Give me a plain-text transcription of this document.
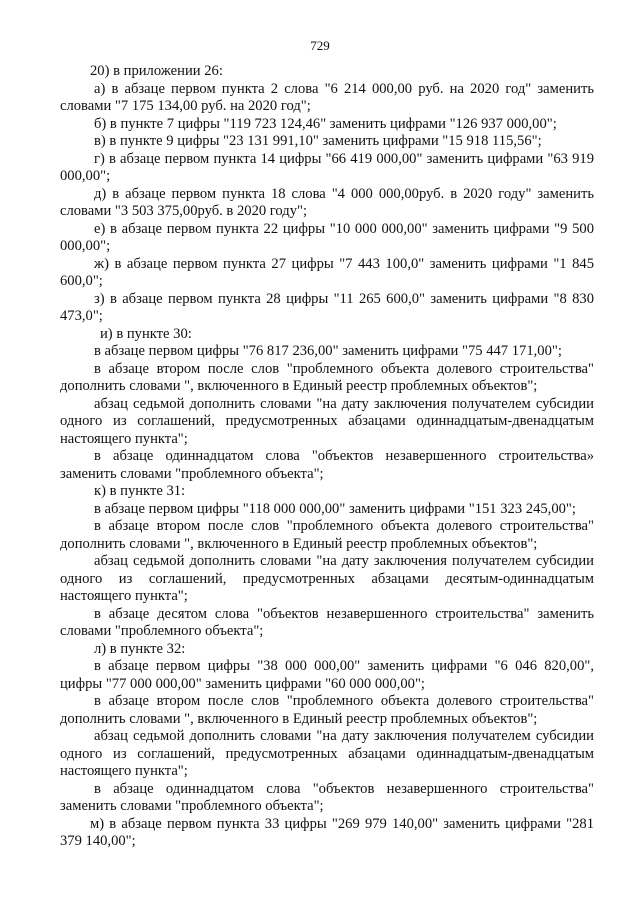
729

20) в приложении 26:

а) в абзаце первом пункта 2 слова "6 214 000,00 руб. на 2020 год" заменить словами "7 175 134,00 руб. на 2020 год";

б) в пункте 7 цифры "119 723 124,46" заменить цифрами "126 937 000,00";

в) в пункте 9 цифры "23 131 991,10" заменить цифрами "15 918 115,56";

г) в абзаце первом пункта 14 цифры "66 419 000,00" заменить цифрами "63 919 000,00";

д) в абзаце первом пункта 18 слова "4 000 000,00руб. в 2020 году" заменить словами "3 503 375,00руб. в 2020 году";

е) в абзаце первом пункта 22 цифры "10 000 000,00" заменить цифрами "9 500 000,00";

ж) в абзаце первом пункта 27 цифры "7 443 100,0" заменить цифрами "1 845 600,0";

з) в абзаце первом пункта 28 цифры "11 265 600,0" заменить цифрами "8 830 473,0";

и) в пункте 30:

в абзаце первом цифры "76 817 236,00" заменить цифрами "75 447 171,00";

в абзаце втором после слов "проблемного объекта долевого строительства" дополнить словами ", включенного в Единый реестр проблемных объектов";

абзац седьмой дополнить словами "на дату заключения получателем субсидии одного из соглашений, предусмотренных абзацами одиннадцатым-двенадцатым настоящего пункта";

в абзаце одиннадцатом слова "объектов незавершенного строительства» заменить словами "проблемного объекта";

к) в пункте 31:

в абзаце первом цифры "118 000 000,00" заменить цифрами "151 323 245,00";

в абзаце втором после слов "проблемного объекта долевого строительства" дополнить словами ", включенного в Единый реестр проблемных объектов";

абзац седьмой дополнить словами "на дату заключения получателем субсидии одного из соглашений, предусмотренных абзацами десятым-одиннадцатым настоящего пункта";

в абзаце десятом слова "объектов незавершенного строительства" заменить словами "проблемного объекта";

л) в пункте 32:

в абзаце первом цифры "38 000 000,00" заменить цифрами "6 046 820,00", цифры "77 000 000,00" заменить цифрами "60 000 000,00";

в абзаце втором после слов "проблемного объекта долевого строительства" дополнить словами ", включенного в Единый реестр проблемных объектов";

абзац седьмой дополнить словами "на дату заключения получателем субсидии одного из соглашений, предусмотренных абзацами одиннадцатым-двенадцатым настоящего пункта";

в абзаце одиннадцатом слова "объектов незавершенного строительства" заменить словами "проблемного объекта";

м) в абзаце первом пункта 33 цифры "269 979 140,00" заменить цифрами "281 379 140,00";
